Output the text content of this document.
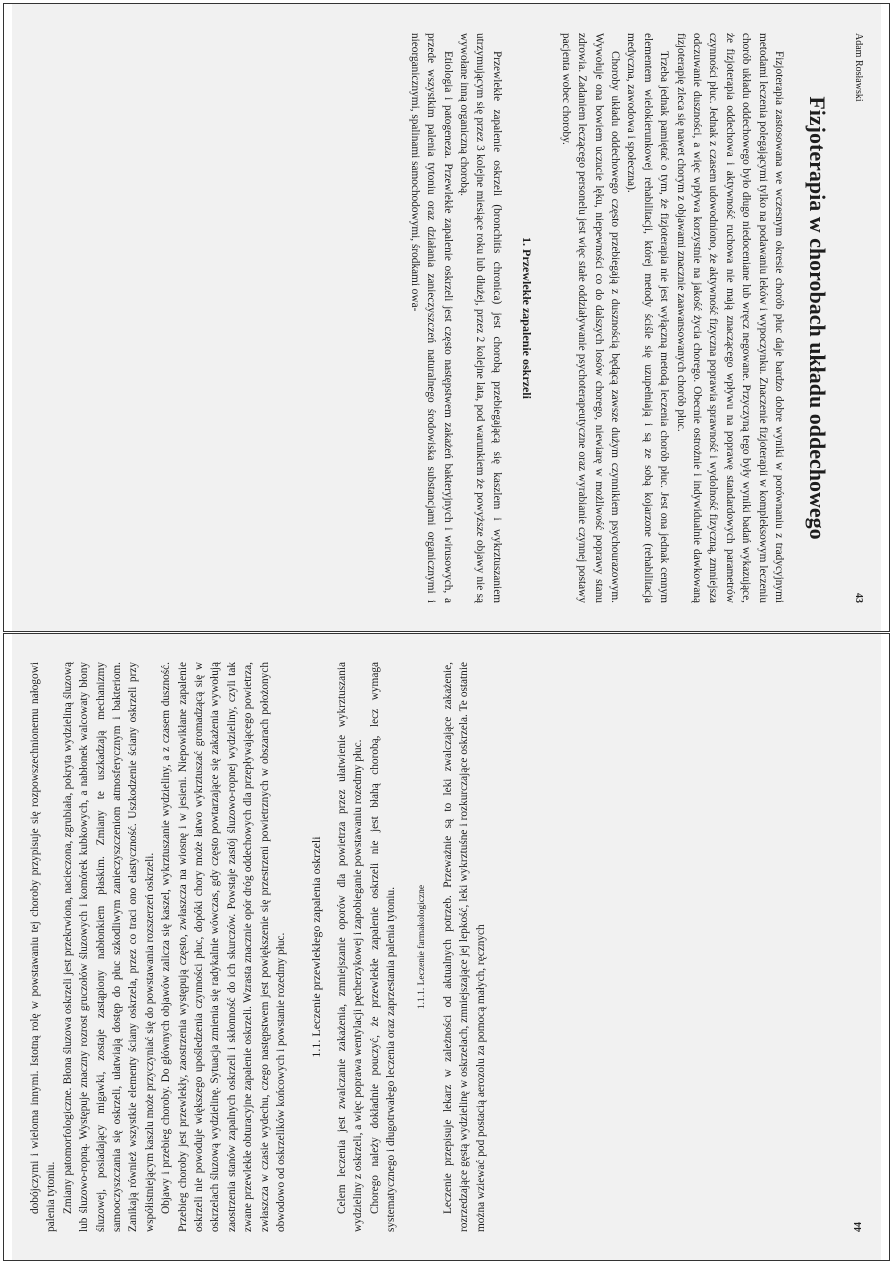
Adam Rosławski
43
Fizjoterapia w chorobach układu oddechowego

Fizjoterapia zastosowana we wczesnym okresie chorób płuc daje bardzo dobre wyniki w porównaniu z tradycyjnymi metodami leczenia polegającymi tylko na podawaniu leków i wypoczynku. Znaczenie fizjoterapii w kompleksowym leczeniu chorób układu oddechowego było długo niedoceniane lub wręcz negowane. Przyczyną tego były wyniki badań wykazujące, że fizjoterapia oddechowa i aktywność ruchowa nie mają znaczącego wpływu na poprawę standardowych parametrów czynności płuc. Jednak z czasem udowodniono, że aktywność fizyczna poprawia sprawność i wydolność fizyczną, zmniejsza odczuwanie duszności, a więc wpływa korzystnie na jakość życia chorego. Obecnie ostrożnie i indywidualnie dawkowaną fizjoterapię zleca się nawet chorym z objawami znacznie zaawansowanych chorób płuc.

Trzeba jednak pamiętać o tym, że fizjoterapia nie jest wyłączną metodą leczenia chorób płuc. Jest ona jednak cennym elementem wielokierunkowej rehabilitacji, której metody ściśle się uzupełniają i są ze sobą kojarzone (rehabilitacja medyczna, zawodowa i społeczna).

Choroby układu oddechowego często przebiegają z dusznością będącą zawsze dużym czynnikiem psychourazowym. Wywołuje ona bowiem uczucie lęku, niepewności co do dalszych losów chorego, niewiarę w możliwość poprawy stanu zdrowia. Zadaniem leczącego personelu jest więc stałe oddziaływanie psychoterapeutyczne oraz wyrabianie czynnej postawy pacjenta wobec choroby.

1. Przewlekłe zapalenie oskrzeli

Przewlekłe zapalenie oskrzeli (bronchitis chronica) jest chorobą przebiegającą się kaszlem i wykrztuszaniem utrzymującym się przez 3 kolejne miesiące roku lub dłużej, przez 2 kolejne lata, pod warunkiem że powyższe objawy nie są wywołane inną organiczną chorobą.

Etiologia i patogeneza. Przewlekłe zapalenie oskrzeli jest często następstwem zakażeń bakteryjnych i wirusowych, a przede wszystkim palenia tytoniu oraz działania zanieczyszczeń naturalnego środowiska substancjami organicznymi i nieorganicznymi, spalinami samochodowymi, środkami owa-

dobójczymi i wieloma innymi. Istotną rolę w powstawaniu tej choroby przypisuje się rozpowszechnionemu nałogowi palenia tytoniu. Zmiany patomorfologiczne. Błona śluzowa oskrzeli jest przekrwiona, nacieczona, zgrubiała, pokryta wydzieliną śluzową lub śluzowo-ropną. Występuje znaczny rozrost gruczołów śluzowych i komórek kubkowych, a nabłonek walcowaty błony śluzowej, posiadający migawki, zostaje zastąpiony nabłonkiem płaskim. Zmiany te uszkadzają mechanizmy samooczyszczania się oskrzeli, ułatwiają dostęp do płuc szkodliwym zanieczyszczeniom atmosferycznym i bakteriom. Zanikają również wszystkie elementy ściany oskrzela, przez co traci ono elastyczność. Uszkodzenie ściany oskrzeli przy współistniejącym kaszlu może przyczyniać się do powstawania rozszerzeń oskrzeli. Objawy i przebieg choroby. Do głównych objawów zalicza się kaszel, wykrztuszanie wydzieliny, a z czasem duszność. Przebieg choroby jest przewlekły, zaostrzenia występują często, zwłaszcza na wiosnę i w jesieni. Niepowikłane zapalenie oskrzeli nie powoduje większego upośledzenia czynności płuc, dopóki chory może łatwo wykrztuszać gromadzącą się w oskrzelach śluzową wydzielinę. Sytuacja zmienia się radykalnie wówczas, gdy często powtarzające się zakażenia wywołują zaostrzenia stanów zapalnych oskrzeli i skłonność do ich skurczów. Powstaje zastój śluzowo-ropnej wydzieliny, czyli tak zwane przewlekłe obturacyjne zapalenie oskrzeli. Wzrasta znacznie opór dróg oddechowych dla przepływającego powietrza, zwłaszcza w czasie wydechu, czego następstwem jest powiększenie się przestrzeni powietrznych w obszarach położonych obwodowo od oskrzelików końcowych i powstanie rozedmy płuc. 1.1. Leczenie przewlekłego zapalenia oskrzeli Celem leczenia jest zwalczanie zakażenia, zmniejszanie oporów dla powietrza przez ułatwienie wykrztuszania wydzieliny z oskrzeli, a więc poprawa wentylacji pęcherzykowej i zapobieganie powstawaniu rozedmy płuc. Chorego należy dokładnie pouczyć, że przewlekłe zapalenie oskrzeli nie jest błahą chorobą, lecz wymaga systematycznego i długotrwałego leczenia oraz zaprzestania palenia tytoniu.	1.1.1. Leczenie farmakologiczne	Leczenie przepisuje lekarz w zależności od aktualnych potrzeb. Przeważnie są to leki zwalczające zakażenie, rozrzedzające gęstą wydzielinę w oskrzelach, zmniejszające jej lepkość, leki wykrztuśne i rozkurczające oskrzela. Te ostatnie można wziewać pod postacią aerozolu za pomocą małych, ręcznych	44
